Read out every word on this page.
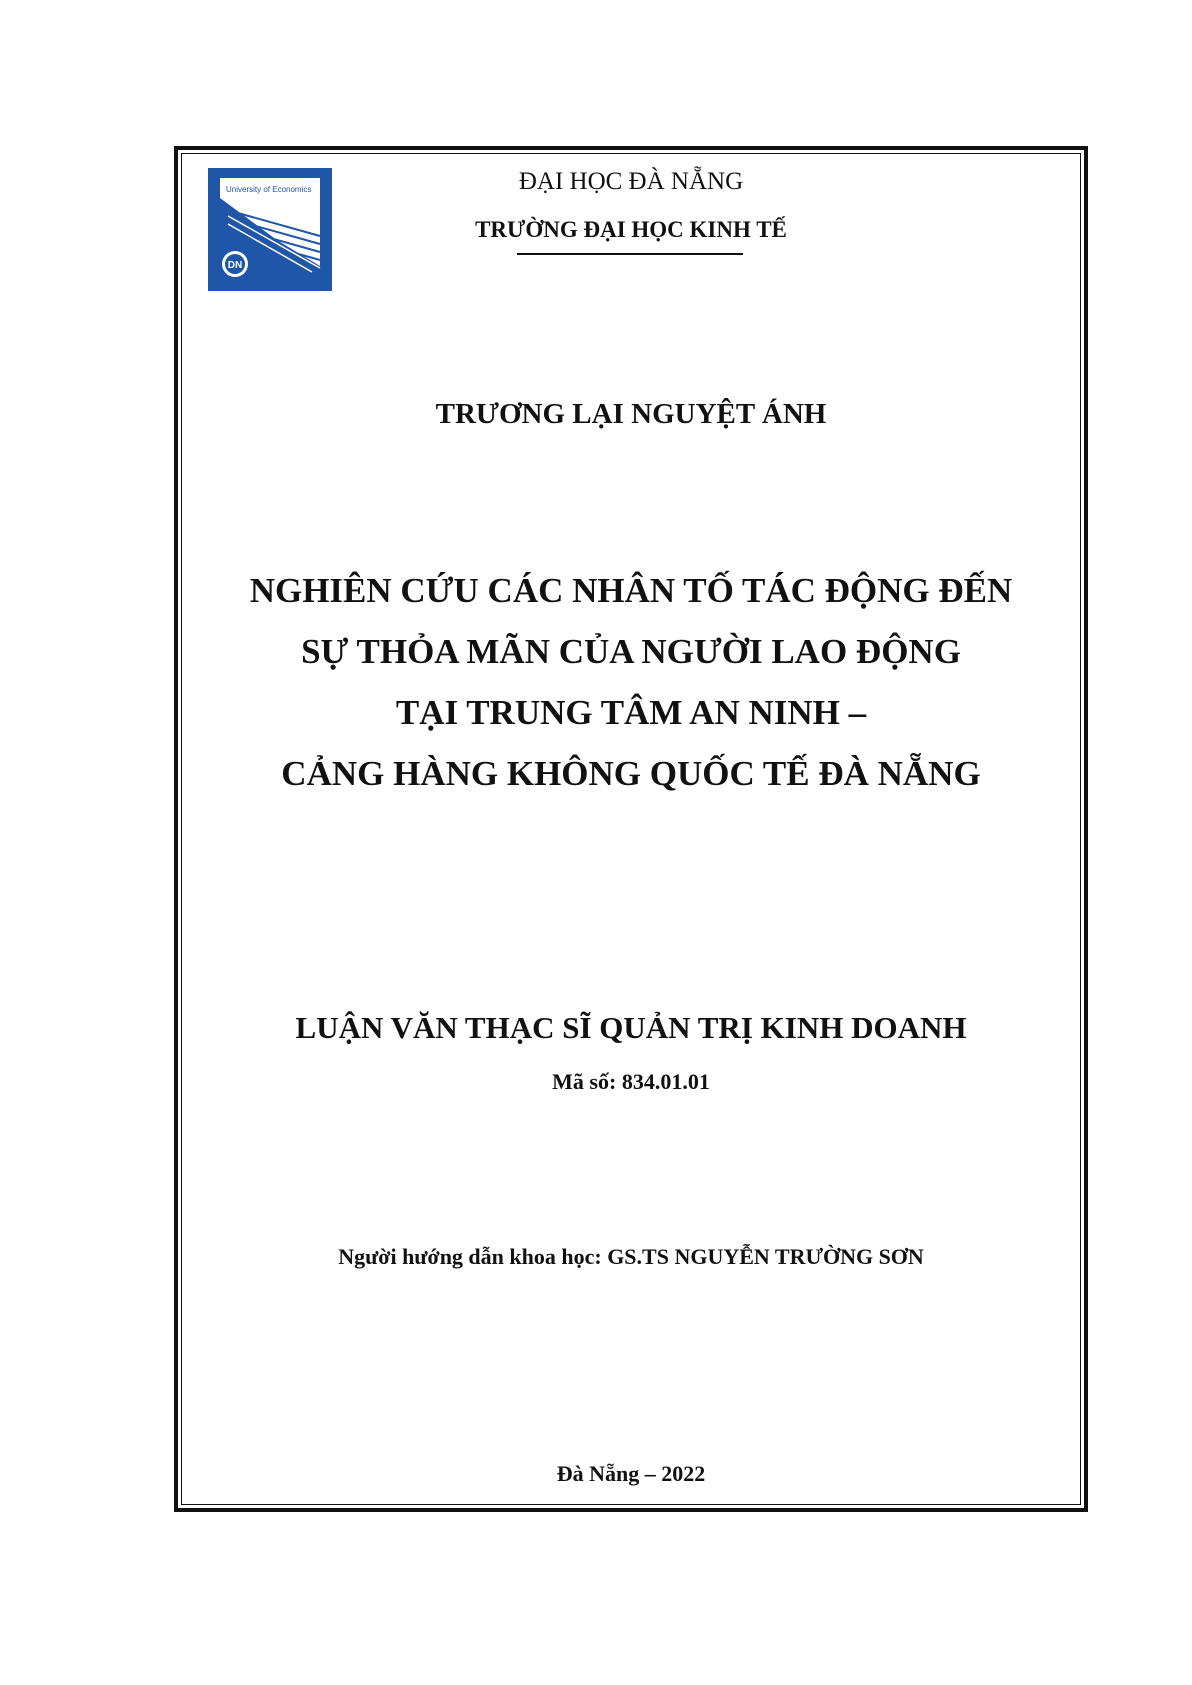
University of Economics
DN
ĐẠI HỌC ĐÀ NẴNG
TRƯỜNG ĐẠI HỌC KINH TẾ
TRƯƠNG LẠI NGUYỆT ÁNH
NGHIÊN CỨU CÁC NHÂN TỐ TÁC ĐỘNG ĐẾN
SỰ THỎA MÃN CỦA NGƯỜI LAO ĐỘNG
TẠI TRUNG TÂM AN NINH –
CẢNG HÀNG KHÔNG QUỐC TẾ ĐÀ NẴNG
LUẬN VĂN THẠC SĨ QUẢN TRỊ KINH DOANH
Mã số: 834.01.01
Người hướng dẫn khoa học: GS.TS NGUYỄN TRƯỜNG SƠN
Đà Nẵng – 2022
